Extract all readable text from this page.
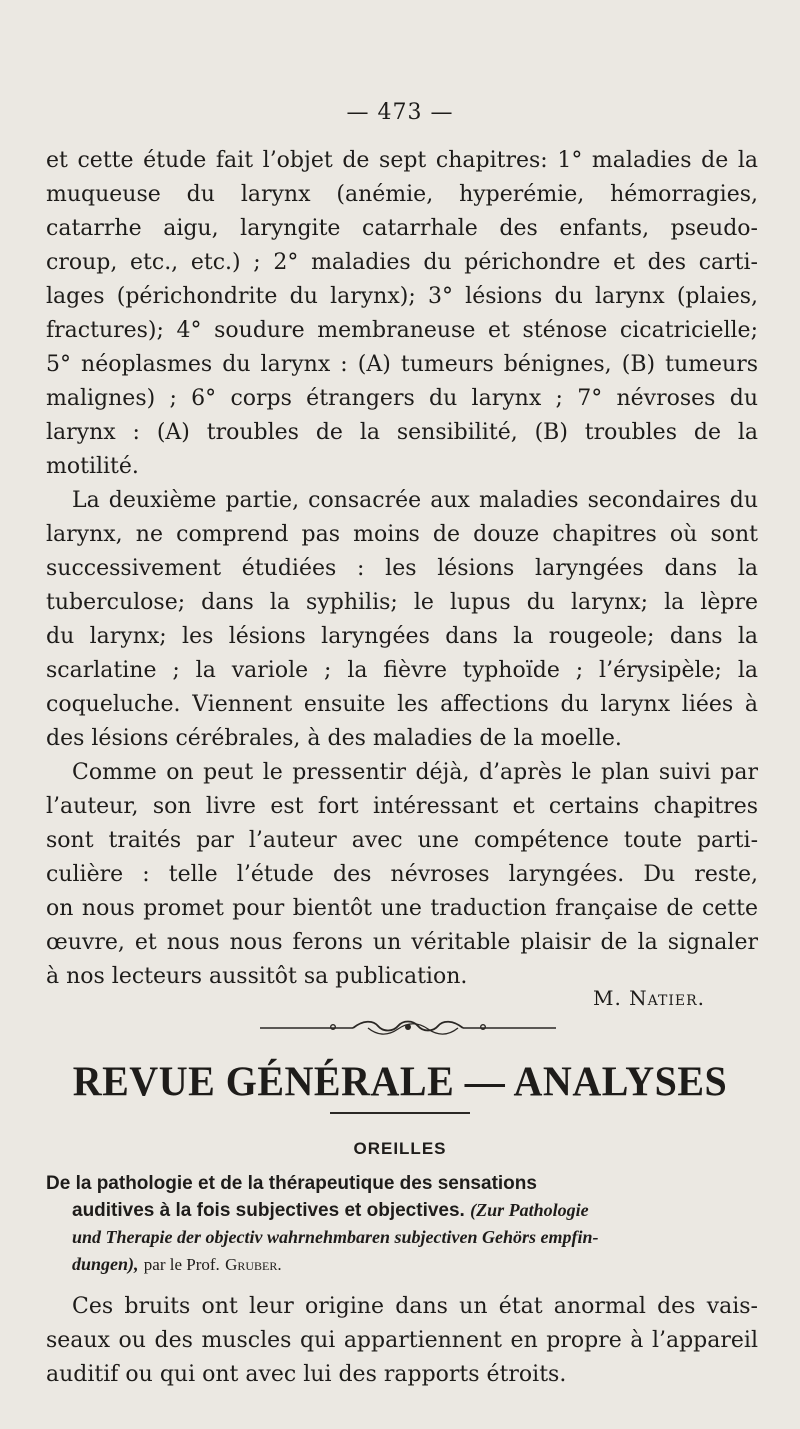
— 473 —
et cette étude fait l’objet de sept chapitres: 1° maladies de la
muqueuse du larynx (anémie, hyperémie, hémorragies,
catarrhe aigu, laryngite catarrhale des enfants, pseudo-
croup, etc., etc.) ; 2° maladies du périchondre et des carti-
lages (périchondrite du larynx); 3° lésions du larynx (plaies,
fractures); 4° soudure membraneuse et sténose cicatricielle;
5° néoplasmes du larynx : (A) tumeurs bénignes, (B) tumeurs
malignes) ; 6° corps étrangers du larynx ; 7° névroses du
larynx : (A) troubles de la sensibilité, (B) troubles de la
motilité.
La deuxième partie, consacrée aux maladies secondaires du
larynx, ne comprend pas moins de douze chapitres où sont
successivement étudiées : les lésions laryngées dans la
tuberculose; dans la syphilis; le lupus du larynx; la lèpre
du larynx; les lésions laryngées dans la rougeole; dans la
scarlatine ; la variole ; la fièvre typhoïde ; l’érysipèle; la
coqueluche. Viennent ensuite les affections du larynx liées à
des lésions cérébrales, à des maladies de la moelle.
Comme on peut le pressentir déjà, d’après le plan suivi par
l’auteur, son livre est fort intéressant et certains chapitres
sont traités par l’auteur avec une compétence toute parti-
culière : telle l’étude des névroses laryngées. Du reste,
on nous promet pour bientôt une traduction française de cette
œuvre, et nous nous ferons un véritable plaisir de la signaler
à nos lecteurs aussitôt sa publication.
M. Natier.
REVUE GÉNÉRALE — ANALYSES
OREILLES
De la pathologie et de la thérapeutique des sensations
auditives à la fois subjectives et objectives. (Zur Pathologie
und Therapie der objectiv wahrnehmbaren subjectiven Gehörs empfin-
dungen), par le Prof. Gruber.
Ces bruits ont leur origine dans un état anormal des vais-
seaux ou des muscles qui appartiennent en propre à l’appareil
auditif ou qui ont avec lui des rapports étroits.
